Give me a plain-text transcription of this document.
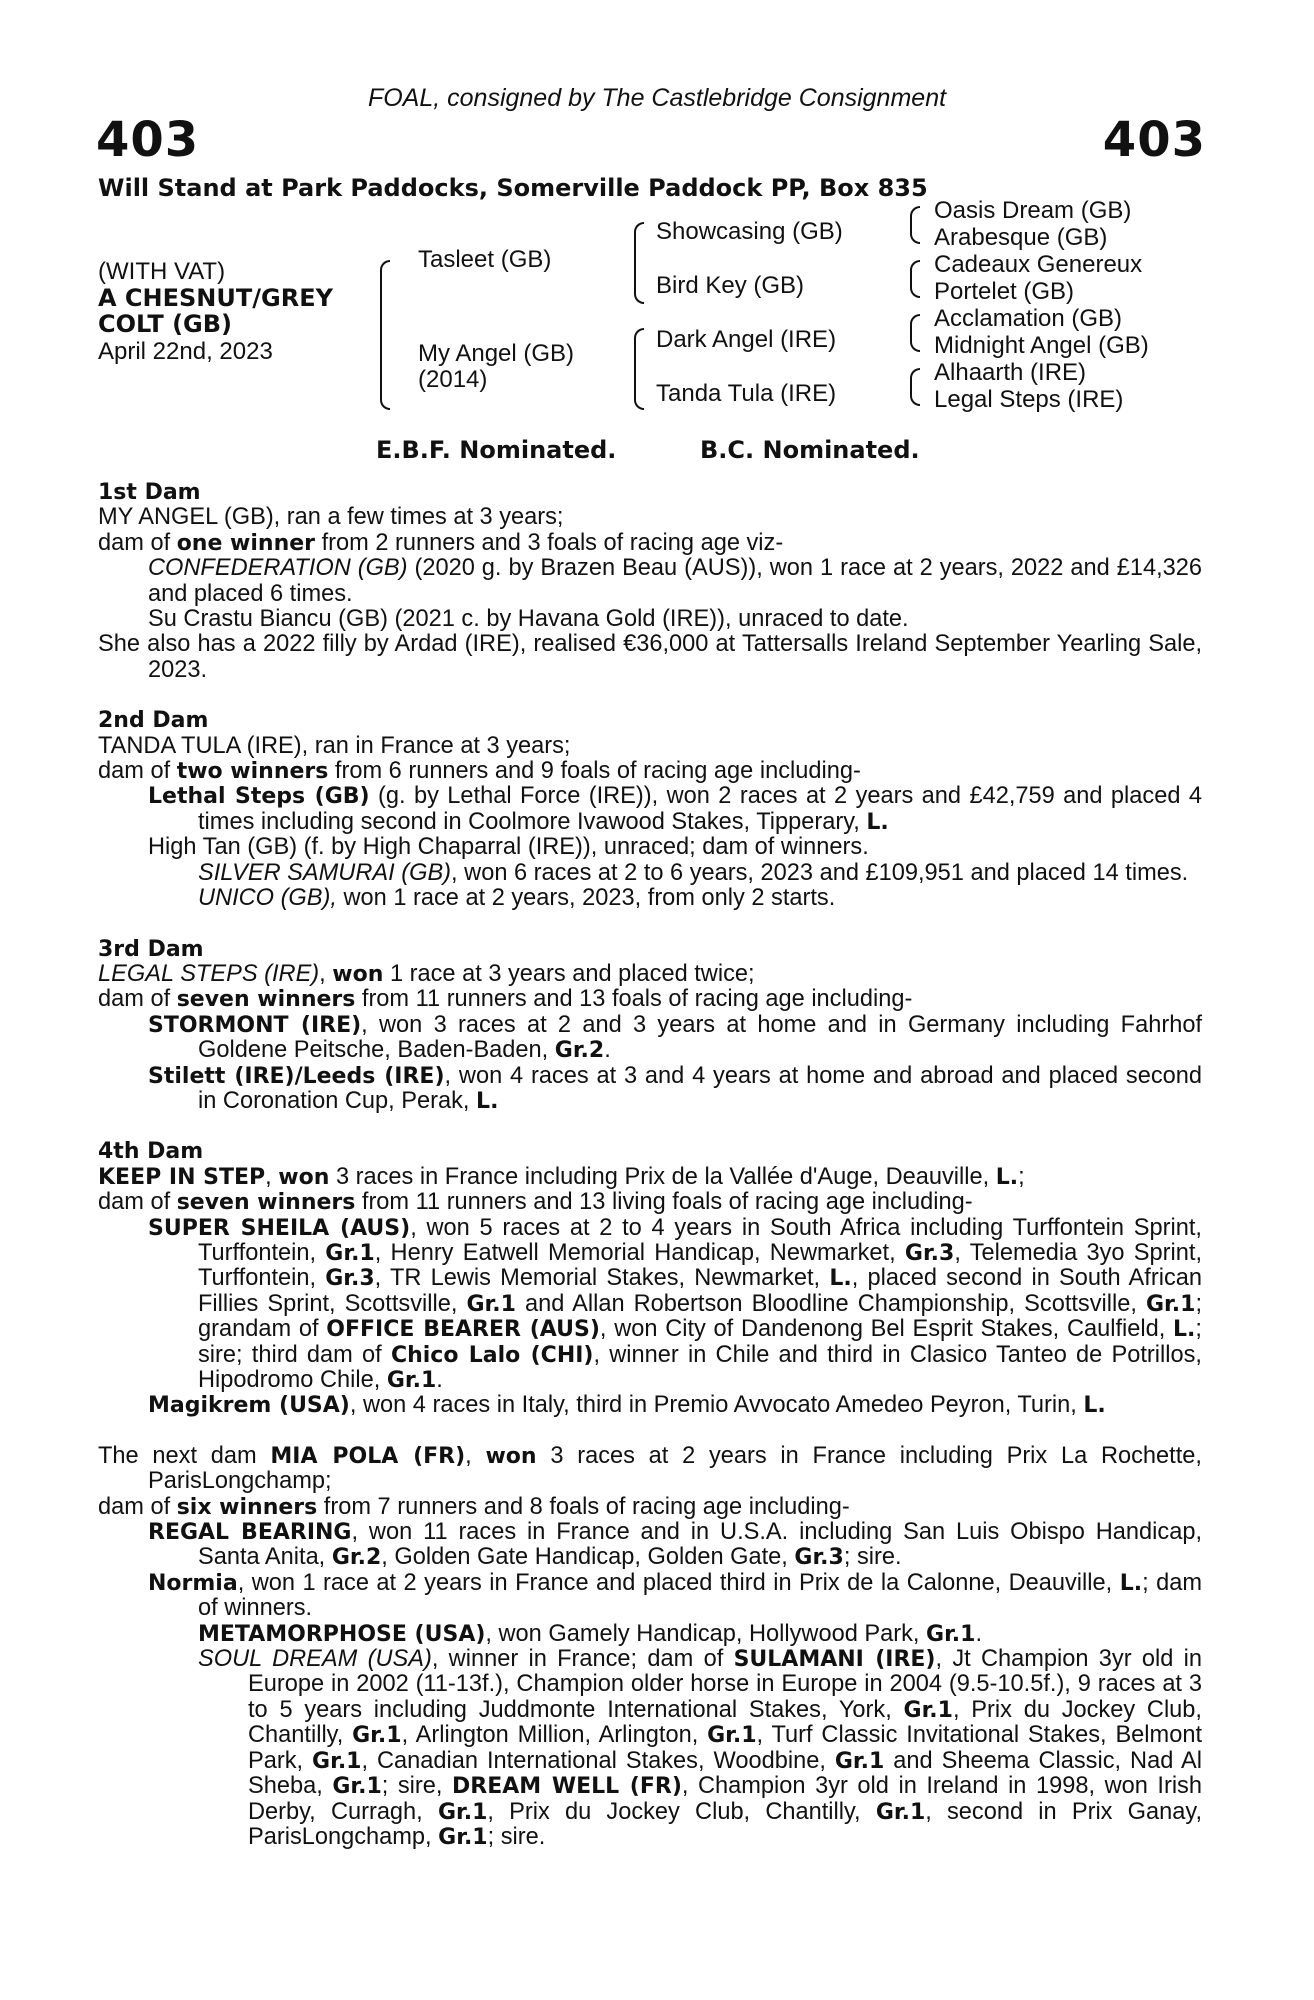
FOAL, consigned by The Castlebridge Consignment
403	403
Will Stand at Park Paddocks, Somerville Paddock PP, Box 835
(WITH VAT)
A CHESNUT/GREY
COLT (GB)
April 22nd, 2023
Tasleet (GB)
My Angel (GB)
(2014)
Showcasing (GB)
Bird Key (GB)
Dark Angel (IRE)
Tanda Tula (IRE)
Oasis Dream (GB)
Arabesque (GB)
Cadeaux Genereux
Portelet (GB)
Acclamation (GB)
Midnight Angel (GB)
Alhaarth (IRE)
Legal Steps (IRE)
E.B.F. Nominated.	B.C. Nominated.
1st Dam

MY ANGEL (GB), ran a few times at 3 years;

dam of one winner from 2 runners and 3 foals of racing age viz-

CONFEDERATION (GB) (2020 g. by Brazen Beau (AUS)), won 1 race at 2 years, 2022 and £14,326 and placed 6 times.

Su Crastu Biancu (GB) (2021 c. by Havana Gold (IRE)), unraced to date.

She also has a 2022 filly by Ardad (IRE), realised €36,000 at Tattersalls Ireland September Yearling Sale, 2023.

2nd Dam

TANDA TULA (IRE), ran in France at 3 years;

dam of two winners from 6 runners and 9 foals of racing age including-

Lethal Steps (GB) (g. by Lethal Force (IRE)), won 2 races at 2 years and £42,759 and placed 4 times including second in Coolmore Ivawood Stakes, Tipperary, L.

High Tan (GB) (f. by High Chaparral (IRE)), unraced; dam of winners.

SILVER SAMURAI (GB), won 6 races at 2 to 6 years, 2023 and £109,951 and placed 14 times.

UNICO (GB), won 1 race at 2 years, 2023, from only 2 starts.

3rd Dam

LEGAL STEPS (IRE), won 1 race at 3 years and placed twice;

dam of seven winners from 11 runners and 13 foals of racing age including-

STORMONT (IRE), won 3 races at 2 and 3 years at home and in Germany including Fahrhof Goldene Peitsche, Baden-Baden, Gr.2.

Stilett (IRE)/Leeds (IRE), won 4 races at 3 and 4 years at home and abroad and placed second in Coronation Cup, Perak, L.

4th Dam

KEEP IN STEP, won 3 races in France including Prix de la Vallée d'Auge, Deauville, L.;

dam of seven winners from 11 runners and 13 living foals of racing age including-

SUPER SHEILA (AUS), won 5 races at 2 to 4 years in South Africa including Turffontein Sprint, Turffontein, Gr.1, Henry Eatwell Memorial Handicap, Newmarket, Gr.3, Telemedia 3yo Sprint, Turffontein, Gr.3, TR Lewis Memorial Stakes, Newmarket, L., placed second in South African Fillies Sprint, Scottsville, Gr.1 and Allan Robertson Bloodline Championship, Scottsville, Gr.1; grandam of OFFICE BEARER (AUS), won City of Dandenong Bel Esprit Stakes, Caulfield, L.; sire; third dam of Chico Lalo (CHI), winner in Chile and third in Clasico Tanteo de Potrillos, Hipodromo Chile, Gr.1.

Magikrem (USA), won 4 races in Italy, third in Premio Avvocato Amedeo Peyron, Turin, L.

The next dam MIA POLA (FR), won 3 races at 2 years in France including Prix La Rochette, ParisLongchamp;

dam of six winners from 7 runners and 8 foals of racing age including-

REGAL BEARING, won 11 races in France and in U.S.A. including San Luis Obispo Handicap, Santa Anita, Gr.2, Golden Gate Handicap, Golden Gate, Gr.3; sire.

Normia, won 1 race at 2 years in France and placed third in Prix de la Calonne, Deauville, L.; dam of winners.

METAMORPHOSE (USA), won Gamely Handicap, Hollywood Park, Gr.1.

SOUL DREAM (USA), winner in France; dam of SULAMANI (IRE), Jt Champion 3yr old in Europe in 2002 (11-13f.), Champion older horse in Europe in 2004 (9.5-10.5f.), 9 races at 3 to 5 years including Juddmonte International Stakes, York, Gr.1, Prix du Jockey Club, Chantilly, Gr.1, Arlington Million, Arlington, Gr.1, Turf Classic Invitational Stakes, Belmont Park, Gr.1, Canadian International Stakes, Woodbine, Gr.1 and Sheema Classic, Nad Al Sheba, Gr.1; sire, DREAM WELL (FR), Champion 3yr old in Ireland in 1998, won Irish Derby, Curragh, Gr.1, Prix du Jockey Club, Chantilly, Gr.1, second in Prix Ganay, ParisLongchamp, Gr.1; sire.
